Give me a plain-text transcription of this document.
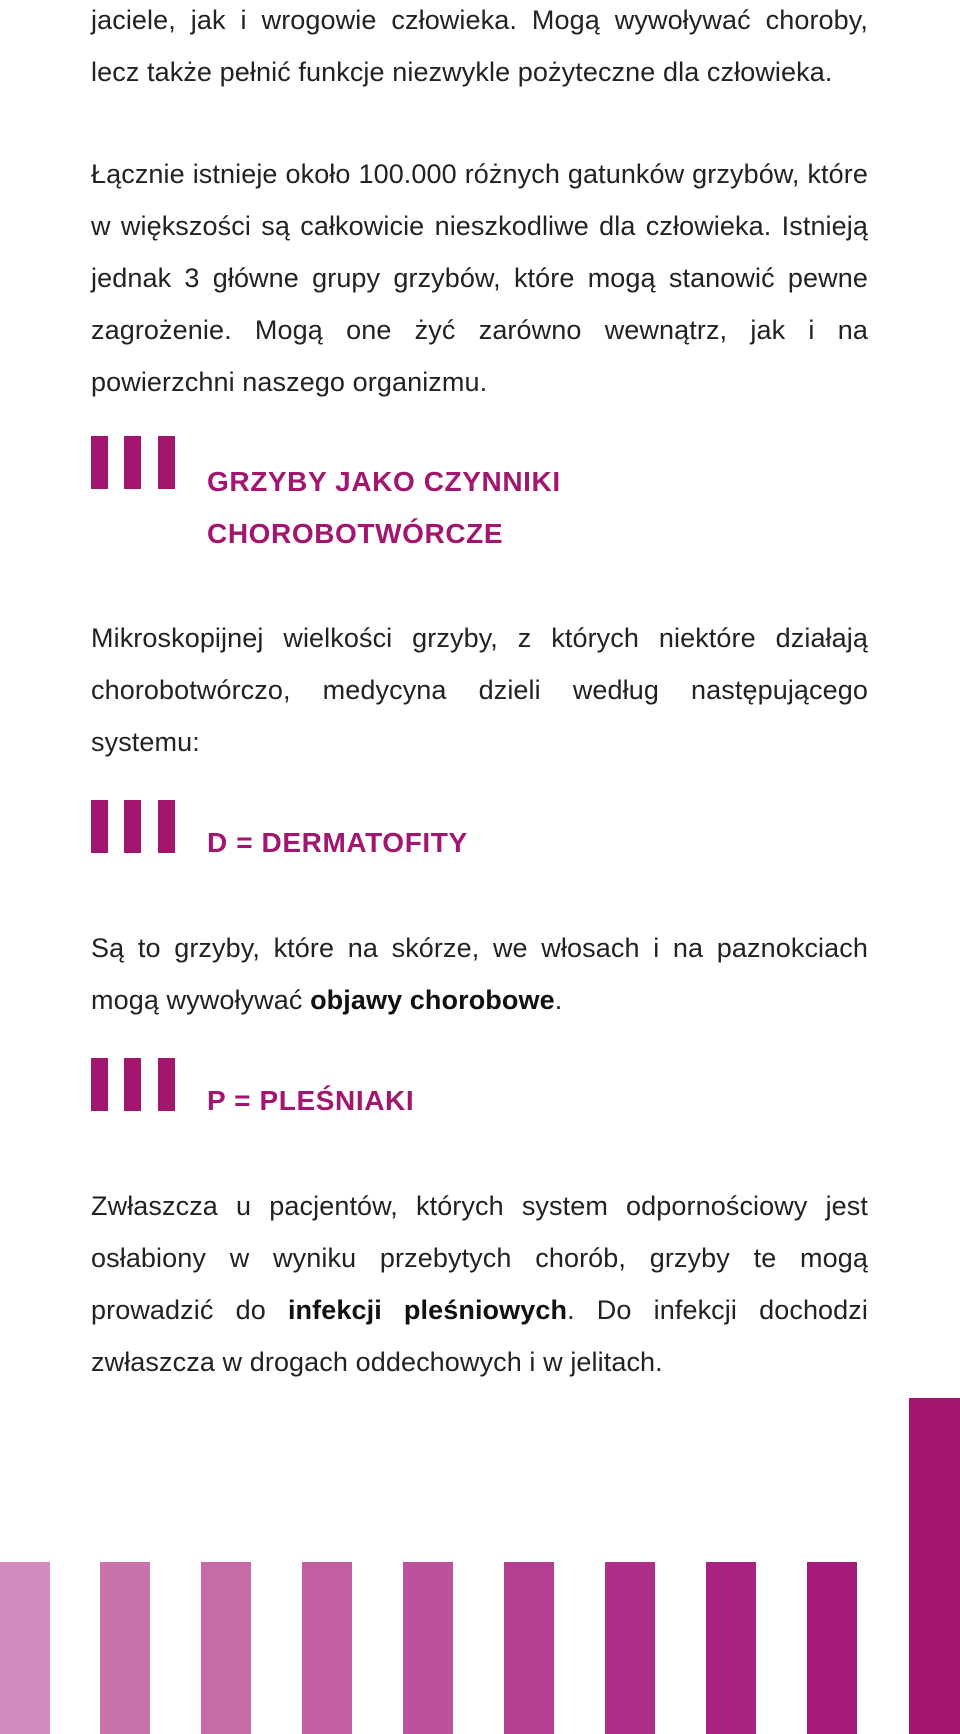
jaciele, jak i wrogowie człowieka. Mogą wywoływać choroby, lecz także pełnić funkcje niezwykle pożyteczne dla człowieka.

Łącznie istnieje około 100.000 różnych gatunków grzybów, które w większości są całkowicie nieszkodliwe dla człowieka. Istnieją jednak 3 główne grupy grzybów, które mogą stanowić pewne zagrożenie. Mogą one żyć zarówno wewnątrz, jak i na powierzchni naszego organizmu.

GRZYBY JAKO CZYNNIKI
CHOROBOTWÓRCZE

Mikroskopijnej wielkości grzyby, z których niektóre działają chorobotwórczo, medycyna dzieli według następującego systemu:

D = DERMATOFITY

Są to grzyby, które na skórze, we włosach i na paznokciach mogą wywoływać objawy chorobowe.

P = PLEŚNIAKI

Zwłaszcza u pacjentów, których system odpornościowy jest osłabiony w wyniku przebytych chorób, grzyby te mogą prowadzić do infekcji pleśniowych. Do infekcji dochodzi zwłaszcza w drogach oddechowych i w jelitach.
